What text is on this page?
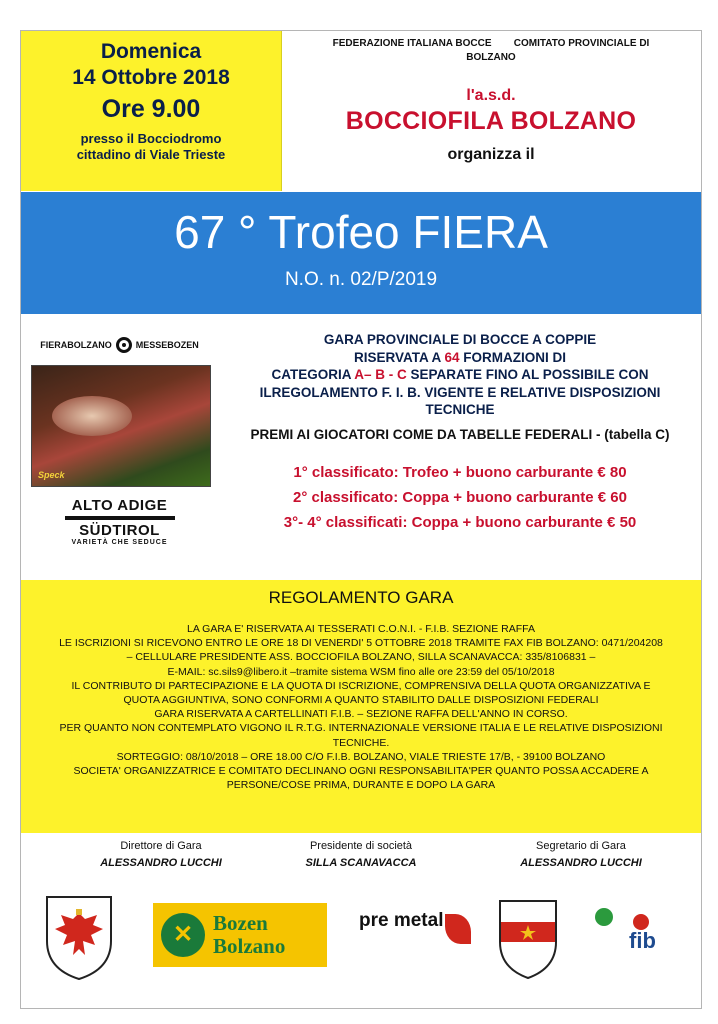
Domenica
14 Ottobre 2018
Ore 9.00
presso il Bocciodromo
cittadino di Viale Trieste
FEDERAZIONE ITALIANA BOCCE COMITATO PROVINCIALE DI
BOLZANO
l'a.s.d.
BOCCIOFILA BOLZANO
organizza il
67 ° Trofeo FIERA
N.O. n. 02/P/2019
FIERABOLZANO	MESSEBOZEN
Speck
ALTO ADIGE
SÜDTIROL
VARIETÀ CHE SEDUCE
GARA PROVINCIALE DI BOCCE A COPPIE
RISERVATA A 64 FORMAZIONI DI
CATEGORIA A– B - C SEPARATE FINO AL POSSIBILE CON
ILREGOLAMENTO F. I. B. VIGENTE E RELATIVE DISPOSIZIONI
TECNICHE
PREMI AI GIOCATORI COME DA TABELLE FEDERALI - (tabella C)
1° classificato: Trofeo + buono carburante € 80
2° classificato: Coppa + buono carburante € 60
3°- 4° classificati: Coppa + buono carburante € 50
REGOLAMENTO GARA
LA GARA E' RISERVATA AI TESSERATI C.O.N.I. - F.I.B. SEZIONE RAFFA
LE ISCRIZIONI SI RICEVONO ENTRO LE ORE 18 DI VENERDI' 5 OTTOBRE 2018 TRAMITE FAX FIB BOLZANO: 0471/204208
– CELLULARE PRESIDENTE ASS. BOCCIOFILA BOLZANO, SILLA SCANAVACCA: 335/8106831 –
E-MAIL: sc.sils9@libero.it –tramite sistema WSM fino alle ore 23:59 del 05/10/2018
IL CONTRIBUTO DI PARTECIPAZIONE E LA QUOTA DI ISCRIZIONE, COMPRENSIVA DELLA QUOTA ORGANIZZATIVA E
QUOTA AGGIUNTIVA, SONO CONFORMI A QUANTO STABILITO DALLE DISPOSIZIONI FEDERALI
GARA RISERVATA A CARTELLINATI F.I.B. – SEZIONE RAFFA DELL'ANNO IN CORSO.
PER QUANTO NON CONTEMPLATO VIGONO IL R.T.G. INTERNAZIONALE VERSIONE ITALIA E LE RELATIVE DISPOSIZIONI
TECNICHE.
SORTEGGIO: 08/10/2018 – ORE 18.00 C/O F.I.B. BOLZANO, VIALE TRIESTE 17/B, - 39100 BOLZANO
SOCIETA' ORGANIZZATRICE E COMITATO DECLINANO OGNI RESPONSABILITA'PER QUANTO POSSA ACCADERE A
PERSONE/COSE PRIMA, DURANTE E DOPO LA GARA
Direttore di Gara
ALESSANDRO LUCCHI
Presidente di società
SILLA SCANAVACCA
Segretario di Gara
ALESSANDRO LUCCHI
✕
Bozen
Bolzano
pre metal
fib
